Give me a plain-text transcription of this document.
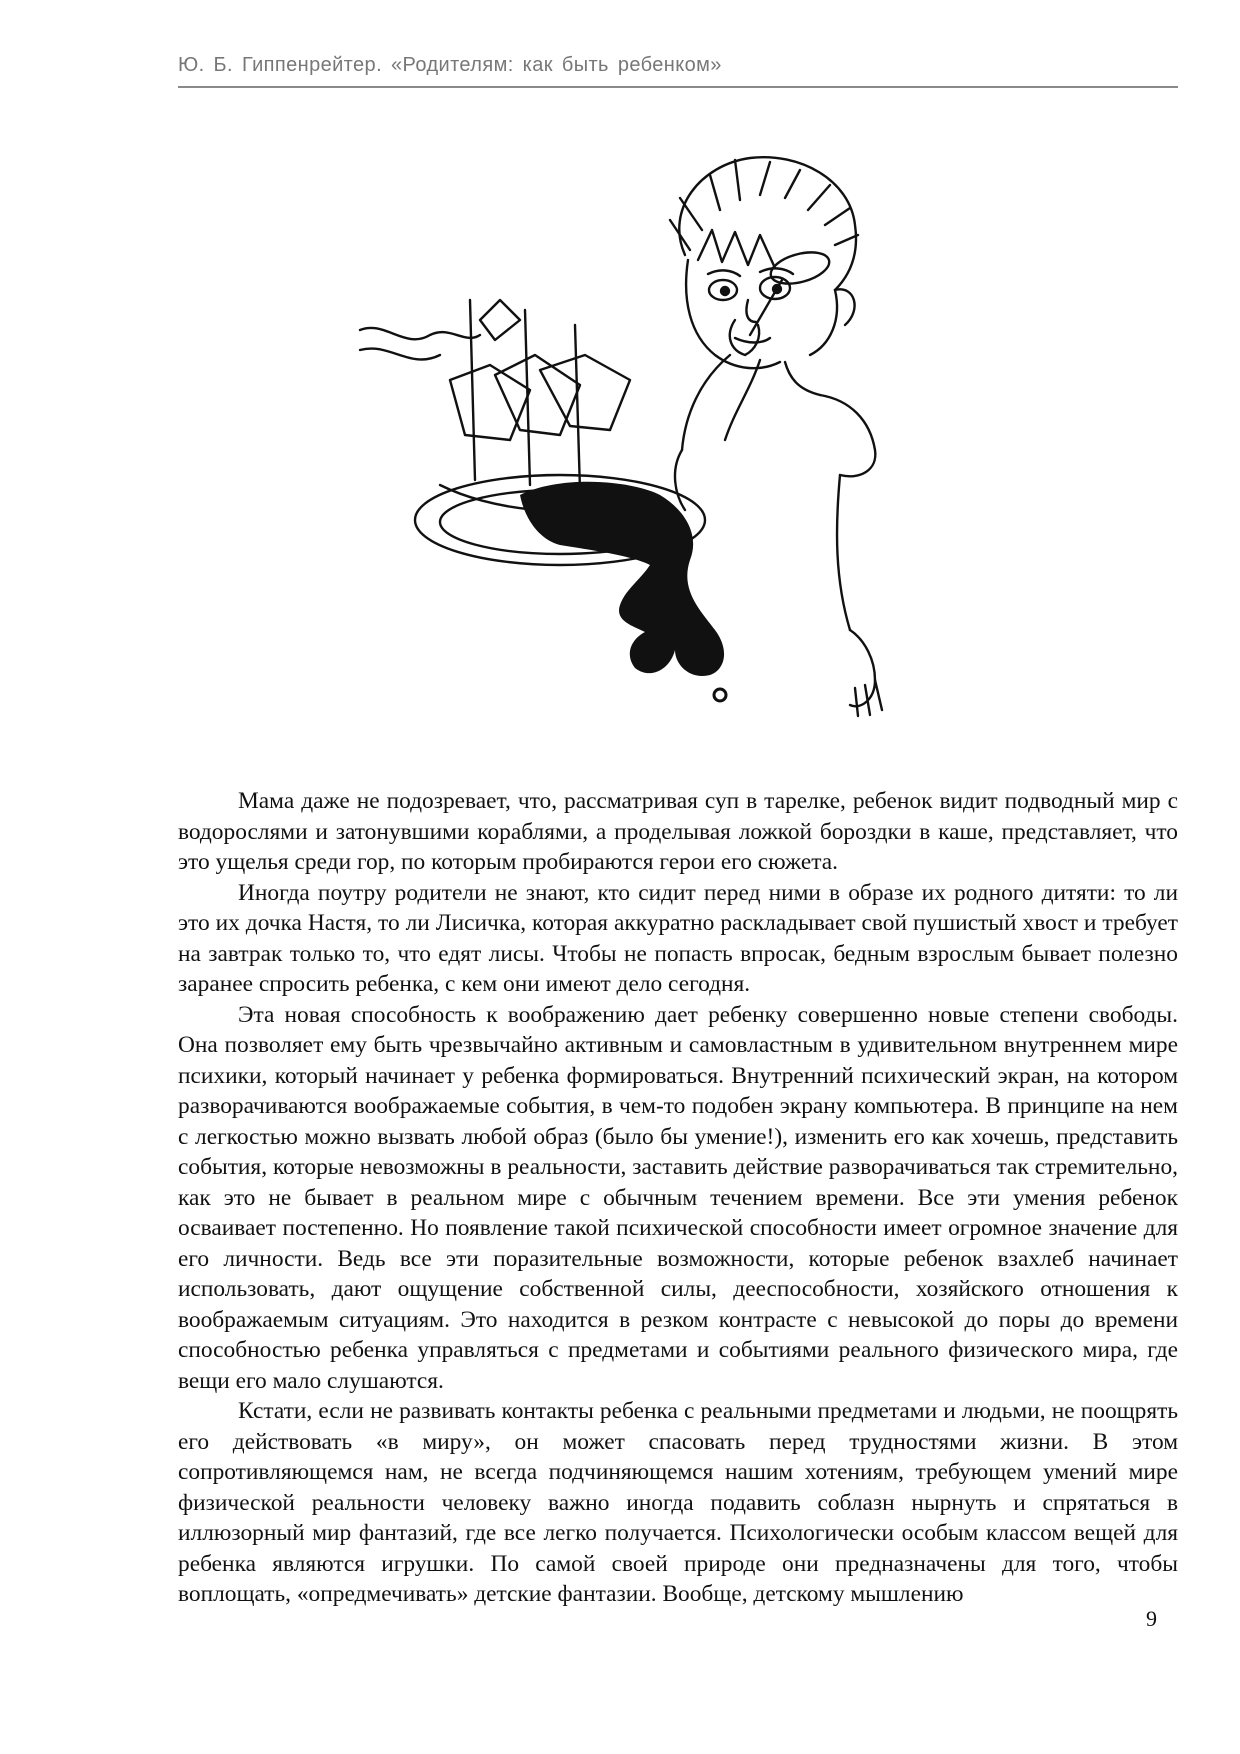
Ю. Б. Гиппенрейтер. «Родителям: как быть ребенком»

Мама даже не подозревает, что, рассматривая суп в тарелке, ребенок видит подводный мир с водорослями и затонувшими кораблями, а проделывая ложкой бороздки в каше, представляет, что это ущелья среди гор, по которым пробираются герои его сюжета.

Иногда поутру родители не знают, кто сидит перед ними в образе их родного дитяти: то ли это их дочка Настя, то ли Лисичка, которая аккуратно раскладывает свой пушистый хвост и требует на завтрак только то, что едят лисы. Чтобы не попасть впросак, бедным взрослым бывает полезно заранее спросить ребенка, с кем они имеют дело сегодня.

Эта новая способность к воображению дает ребенку совершенно новые степени свободы. Она позволяет ему быть чрезвычайно активным и самовластным в удивительном внутреннем мире психики, который начинает у ребенка формироваться. Внутренний психический экран, на котором разворачиваются воображаемые события, в чем-то подобен экрану компьютера. В принципе на нем с легкостью можно вызвать любой образ (было бы умение!), изменить его как хочешь, представить события, которые невозможны в реальности, заставить действие разворачиваться так стремительно, как это не бывает в реальном мире с обычным течением времени. Все эти умения ребенок осваивает постепенно. Но появление такой психической способности имеет огромное значение для его личности. Ведь все эти поразительные возможности, которые ребенок взахлеб начинает использовать, дают ощущение собственной силы, дееспособности, хозяйского отношения к воображаемым ситуациям. Это находится в резком контрасте с невысокой до поры до времени способностью ребенка управляться с предметами и событиями реального физического мира, где вещи его мало слушаются.

Кстати, если не развивать контакты ребенка с реальными предметами и людьми, не поощрять его действовать «в миру», он может спасовать перед трудностями жизни. В этом сопротивляющемся нам, не всегда подчиняющемся нашим хотениям, требующем умений мире физической реальности человеку важно иногда подавить соблазн нырнуть и спрятаться в иллюзорный мир фантазий, где все легко получается. Психологически особым классом вещей для ребенка являются игрушки. По самой своей природе они предназначены для того, чтобы воплощать, «опредмечивать» детские фантазии. Вообще, детскому мышлению

9
